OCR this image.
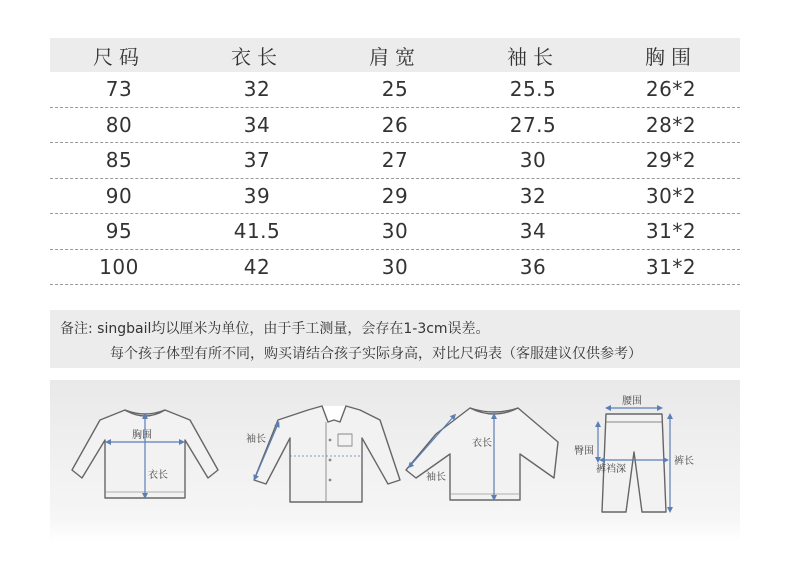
尺码	衣长	肩宽	袖长	胸围
73	32	25	25.5	26*2
80	34	26	27.5	28*2
85	37	27	30	29*2
90	39	29	32	30*2
95	41.5	30	34	31*2
100	42	30	36	31*2
备注: singbail均以厘米为单位，由于手工测量，会存在1-3cm误差。
每个孩子体型有所不同，购买请结合孩子实际身高，对比尺码表（客服建议仅供参考）
胸围
衣长
袖长	衣长
袖长
腰围
臀围
裤裆深
裤长
